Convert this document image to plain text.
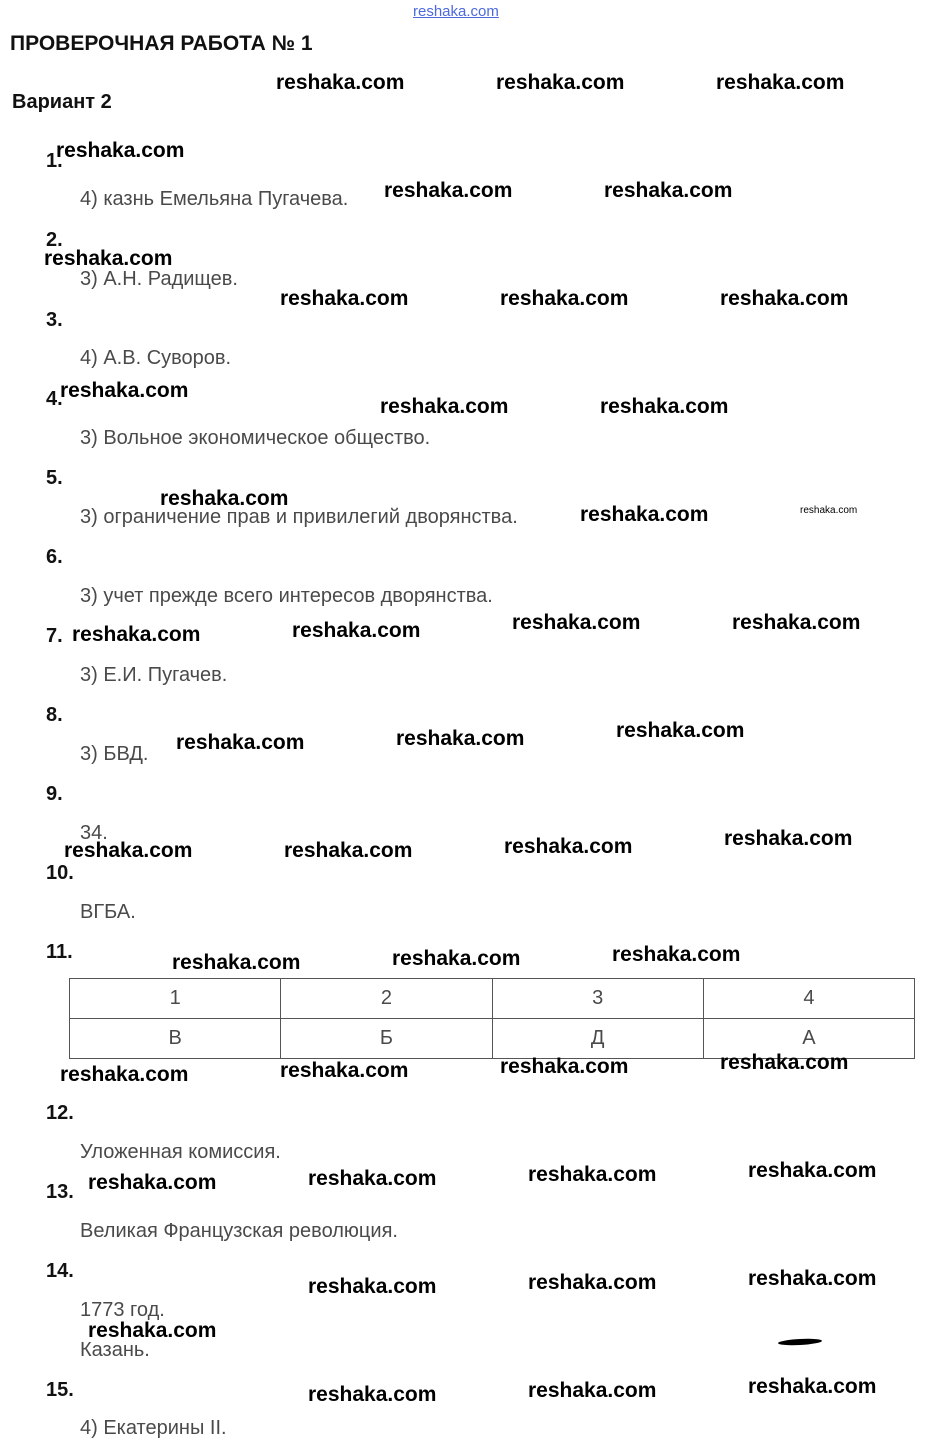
reshaka.com
ПРОВЕРОЧНАЯ РАБОТА № 1
Вариант 2
1.
2.
3.
4.
5.
6.
7.
8.
9.
10.
11.
12.
13.
14.
15.
4) казнь Емельяна Пугачева.
3) А.Н. Радищев.
4) А.В. Суворов.
3) Вольное экономическое общество.
3) ограничение прав и привилегий дворянства.
3) учет прежде всего интересов дворянства.
3) Е.И. Пугачев.
3) БВД.
34.
ВГБА.
Уложенная комиссия.
Великая Французская революция.
1773 год.
Казань.
4) Екатерины II.
1	2	3	4
В	Б	Д	А
reshaka.com	reshaka.com	reshaka.com
reshaka.com
reshaka.com	reshaka.com
reshaka.com
reshaka.com	reshaka.com	reshaka.com
reshaka.com
reshaka.com	reshaka.com
reshaka.com
reshaka.com	reshaka.com
reshaka.com	reshaka.com	reshaka.com	reshaka.com
reshaka.com	reshaka.com	reshaka.com
reshaka.com	reshaka.com	reshaka.com	reshaka.com
reshaka.com	reshaka.com	reshaka.com
reshaka.com	reshaka.com	reshaka.com	reshaka.com
reshaka.com	reshaka.com	reshaka.com	reshaka.com
reshaka.com	reshaka.com	reshaka.com
reshaka.com
reshaka.com	reshaka.com	reshaka.com
